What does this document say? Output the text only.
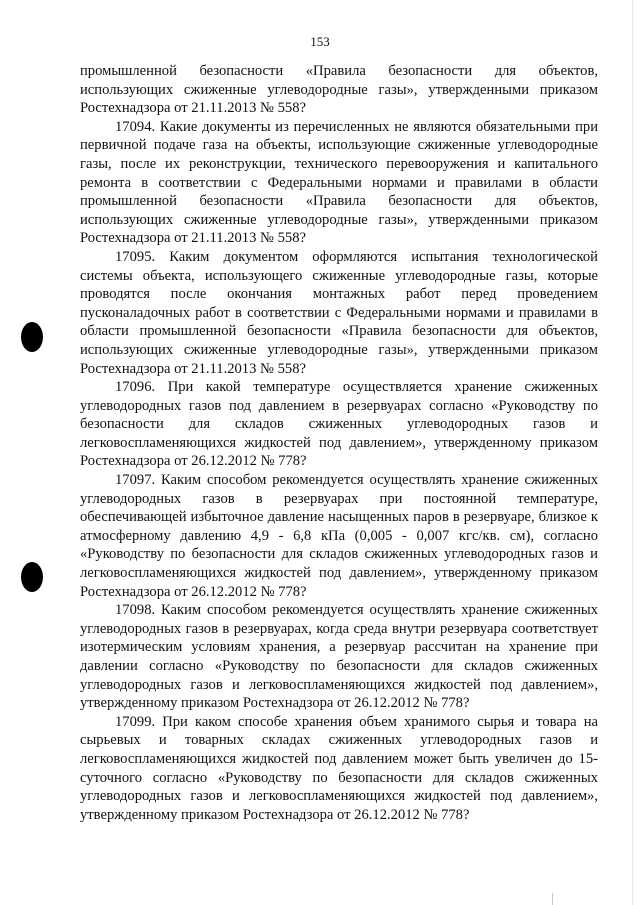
153

промышленной безопасности «Правила безопасности для объектов, использующих сжиженные углеводородные газы», утвержденными приказом Ростехнадзора от 21.11.2013 № 558?

17094. Какие документы из перечисленных не являются обязательными при первичной подаче газа на объекты, использующие сжиженные углеводородные газы, после их реконструкции, технического перевооружения и капитального ремонта в соответствии с Федеральными нормами и правилами в области промышленной безопасности «Правила безопасности для объектов, использующих сжиженные углеводородные газы», утвержденными приказом Ростехнадзора от 21.11.2013 № 558?

17095. Каким документом оформляются испытания технологической системы объекта, использующего сжиженные углеводородные газы, которые проводятся после окончания монтажных работ перед проведением пусконаладочных работ в соответствии с Федеральными нормами и правилами в области промышленной безопасности «Правила безопасности для объектов, использующих сжиженные углеводородные газы», утвержденными приказом Ростехнадзора от 21.11.2013 № 558?

17096. При какой температуре осуществляется хранение сжиженных углеводородных газов под давлением в резервуарах согласно «Руководству по безопасности для складов сжиженных углеводородных газов и легковоспламеняющихся жидкостей под давлением», утвержденному приказом Ростехнадзора от 26.12.2012 № 778?

17097. Каким способом рекомендуется осуществлять хранение сжиженных углеводородных газов в резервуарах при постоянной температуре, обеспечивающей избыточное давление насыщенных паров в резервуаре, близкое к атмосферному давлению 4,9 - 6,8 кПа (0,005 - 0,007 кгс/кв. см), согласно «Руководству по безопасности для складов сжиженных углеводородных газов и легковоспламеняющихся жидкостей под давлением», утвержденному приказом Ростехнадзора от 26.12.2012 № 778?

17098. Каким способом рекомендуется осуществлять хранение сжиженных углеводородных газов в резервуарах, когда среда внутри резервуара соответствует изотермическим условиям хранения, а резервуар рассчитан на хранение при давлении согласно «Руководству по безопасности для складов сжиженных углеводородных газов и легковоспламеняющихся жидкостей под давлением», утвержденному приказом Ростехнадзора от 26.12.2012 № 778?

17099. При каком способе хранения объем хранимого сырья и товара на сырьевых и товарных складах сжиженных углеводородных газов и легковоспламеняющихся жидкостей под давлением может быть увеличен до 15-суточного согласно «Руководству по безопасности для складов сжиженных углеводородных газов и легковоспламеняющихся жидкостей под давлением», утвержденному приказом Ростехнадзора от 26.12.2012 № 778?
